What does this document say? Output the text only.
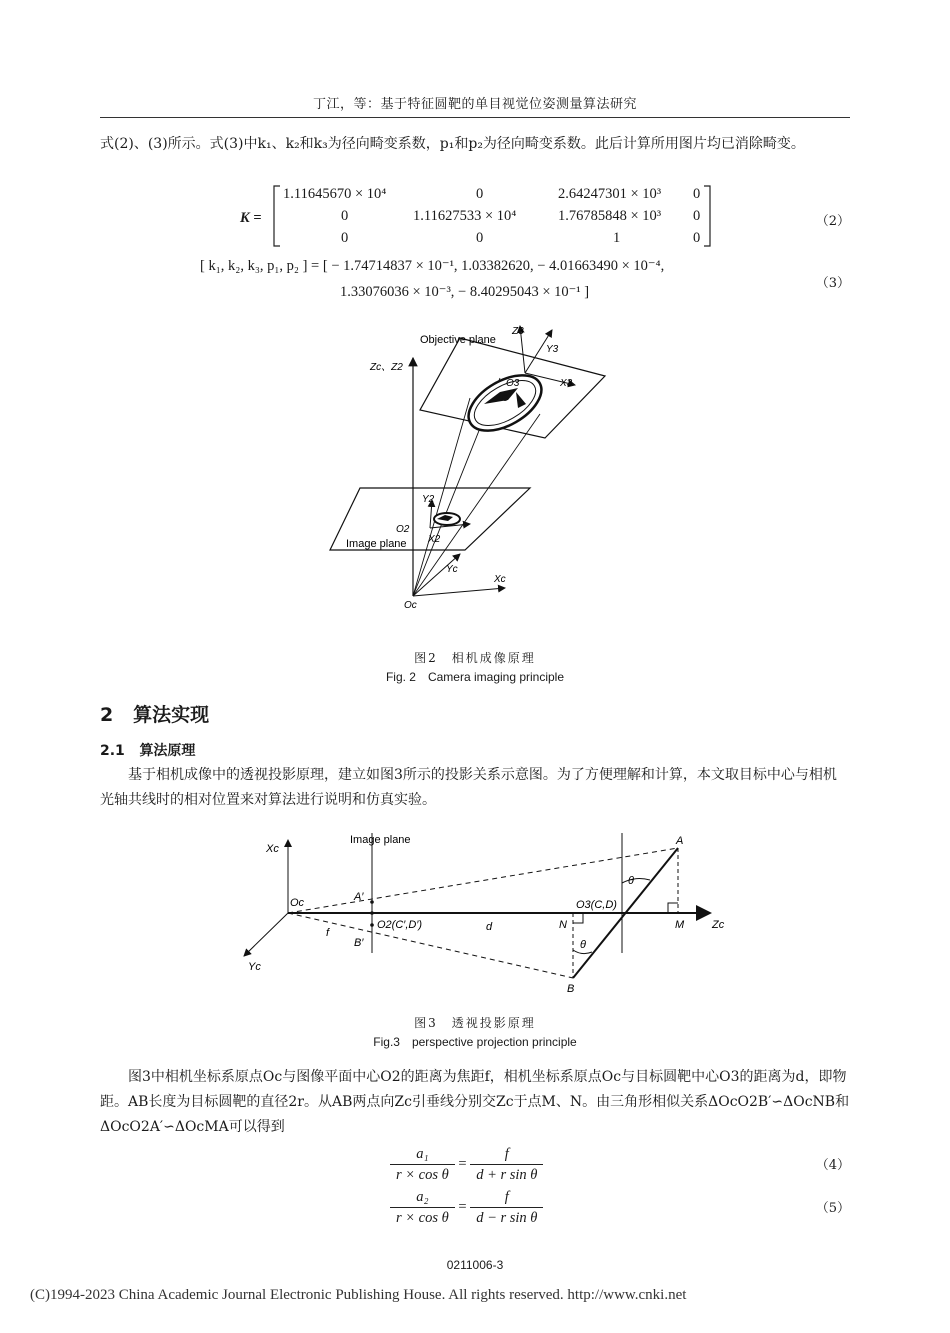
丁江，等：基于特征圆靶的单目视觉位姿测量算法研究

式(2)、(3)所示。式(3)中k₁、k₂和k₃为径向畸变系数，p₁和p₂为径向畸变系数。此后计算所用图片均已消除畸变。

K =
1.11645670 × 10⁴	0	2.64247301 × 10³ 0
0	1.11627533 × 10⁴	1.76785848 × 10³ 0
0	0	1	0
（2）
[ k₁, k₂, k₃, p₁, p₂ ] = [ − 1.74714837 × 10⁻¹, 1.03382620, − 4.01663490 × 10⁻⁴,
1.33076036 × 10⁻³, − 8.40295043 × 10⁻¹ ]
（3）
Objective plane
Image plane
Zc、Z2
Z3
Y3
O3	X3
Y2
O2
X2
Yc
Xc
Oc
图2　相机成像原理
Fig. 2　Camera imaging principle
2 算法实现
2.1 算法原理

基于相机成像中的透视投影原理，建立如图3所示的投影关系示意图。为了方便理解和计算，本文取目标中心与相机光轴共线时的相对位置来对算法进行说明和仿真实验。

Xc
Image plane
Oc	A′
O2(C′,D′)
B′
f	d
O3(C,D)
N	M	Zc
Yc
A
B
θ
θ
图3　透视投影原理
Fig.3　perspective projection principle

图3中相机坐标系原点Oc与图像平面中心O2的距离为焦距f，相机坐标系原点Oc与目标圆靶中心O3的距离为d，即物距。AB长度为目标圆靶的直径2r。从AB两点向Zc引垂线分别交Zc于点M、N。由三角形相似关系ΔOcO2B′∽ΔOcNB和ΔOcO2A′∽ΔOcMA可以得到

$\frac{\text{a₁}}{\text{r × cos θ}} = \frac{f}{\text{d + r sin θ}}$	（4）
$\frac{\text{a₂}}{\text{r × cos θ}} = \frac{f}{\text{d − r sin θ}}$	（5）
0211006-3
(C)1994-2023 China Academic Journal Electronic Publishing House. All rights reserved. http://www.cnki.net
